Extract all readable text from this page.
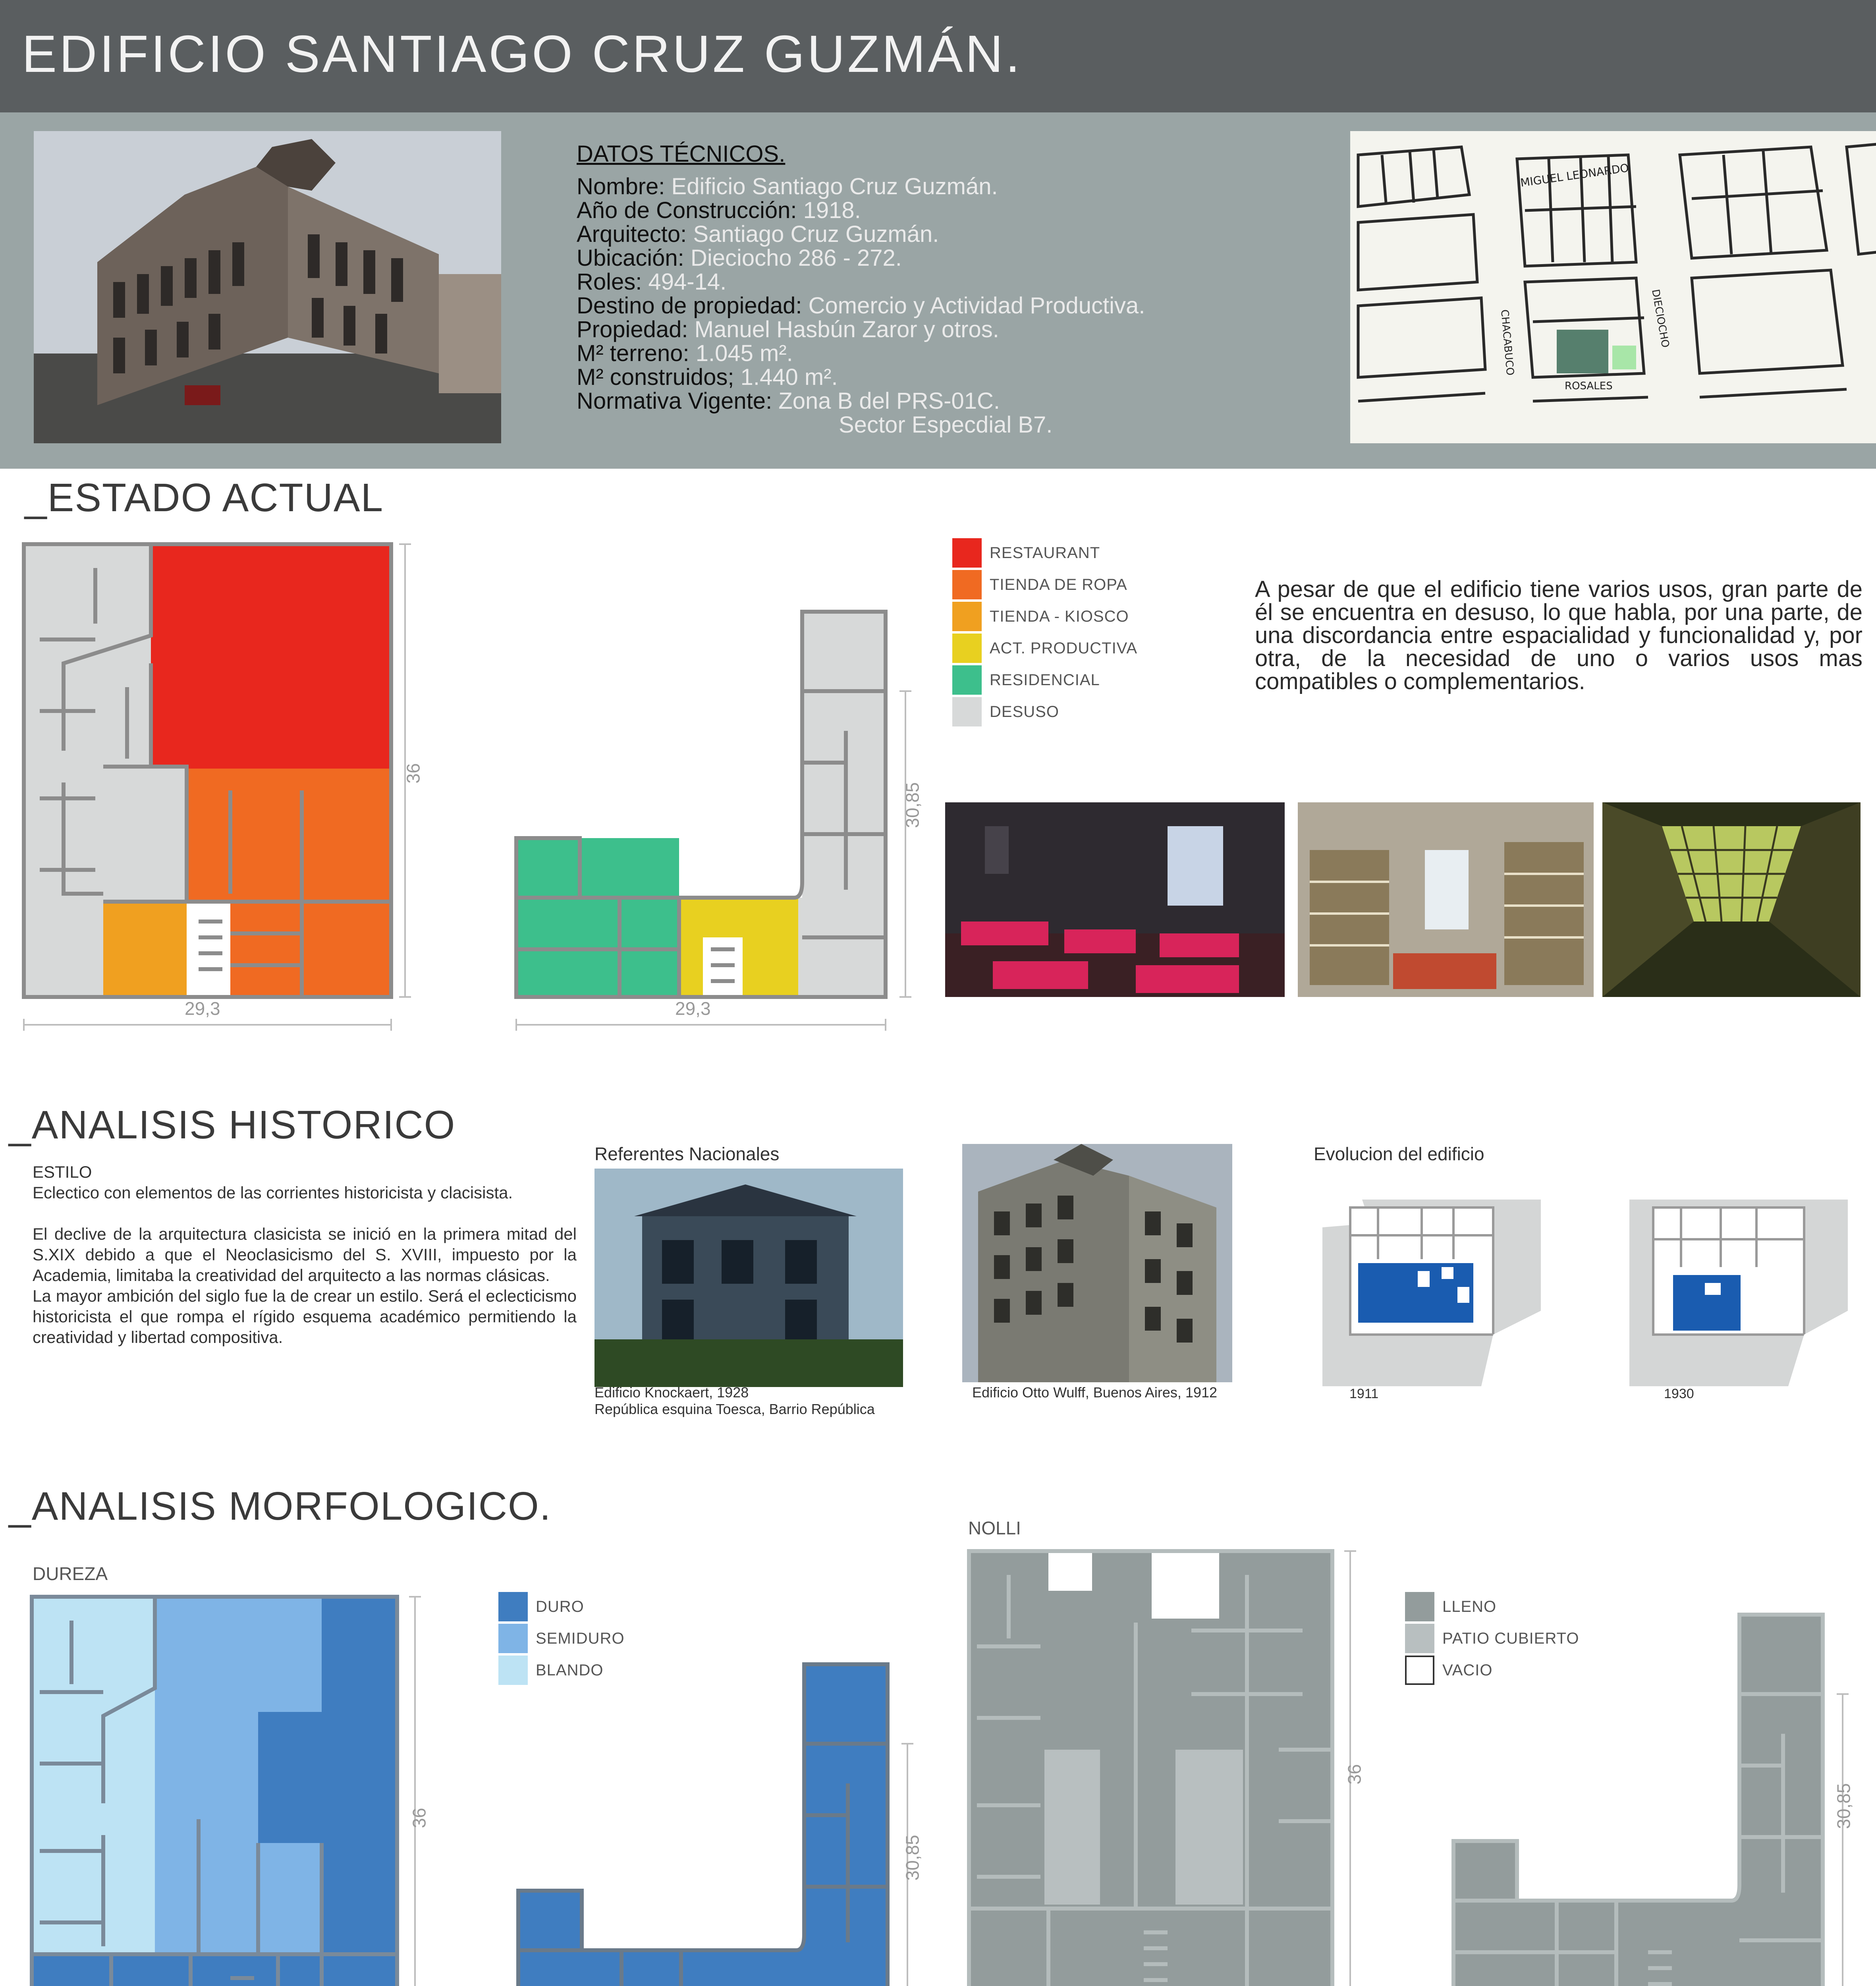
EDIFICIO SANTIAGO CRUZ GUZMÁN.
DATOS TÉCNICOS.
Nombre: Edificio Santiago Cruz Guzmán.
Año de Construcción: 1918.
Arquitecto: Santiago Cruz Guzmán.
Ubicación: Dieciocho 286 - 272.
Roles: 494-14.
Destino de propiedad: Comercio y Actividad Productiva.
Propiedad: Manuel Hasbún Zaror y otros.
M² terreno: 1.045 m².
M² construidos; 1.440 m².
Normativa Vigente: Zona B del PRS-01C.
Sector Especdial B7.
MIGUEL LEONARDO
ROSALES
DIECIOCHO
CHACABUCO
_ESTADO ACTUAL
36
29,3
30,85
29,3
RESTAURANT
TIENDA DE ROPA
TIENDA - KIOSCO
ACT. PRODUCTIVA
RESIDENCIAL
DESUSO
A pesar de que el edificio tiene varios usos, gran parte de él se encuentra en desuso, lo que habla, por una parte, de una discordancia entre espacialidad y funcionalidad y, por otra, de la necesidad de uno o varios usos mas compatibles o complementarios.
_ANALISIS HISTORICO
ESTILO
Eclectico con elementos de las corrientes historicista y clacisista.
El declive de la arquitectura clasicista se inició en la primera mitad del S.XIX debido a que el Neoclasicismo del S. XVIII, impuesto por la Academia, limitaba la creatividad del arquitecto a las normas clásicas.
La mayor ambición del siglo fue la de crear un estilo. Será el eclecticismo historicista el que rompa el rígido esquema académico permitiendo la creatividad y libertad compositiva.
Referentes Nacionales
Edificio Knockaert, 1928
República esquina Toesca, Barrio República
Edificio Otto Wulff, Buenos Aires, 1912
Evolucion del edificio
1911	1930
_ANALISIS MORFOLOGICO.
DUREZA
36
DURO
SEMIDURO
BLANDO
30,85
NOLLI
36
LLENO
PATIO CUBIERTO
VACIO
30,85
